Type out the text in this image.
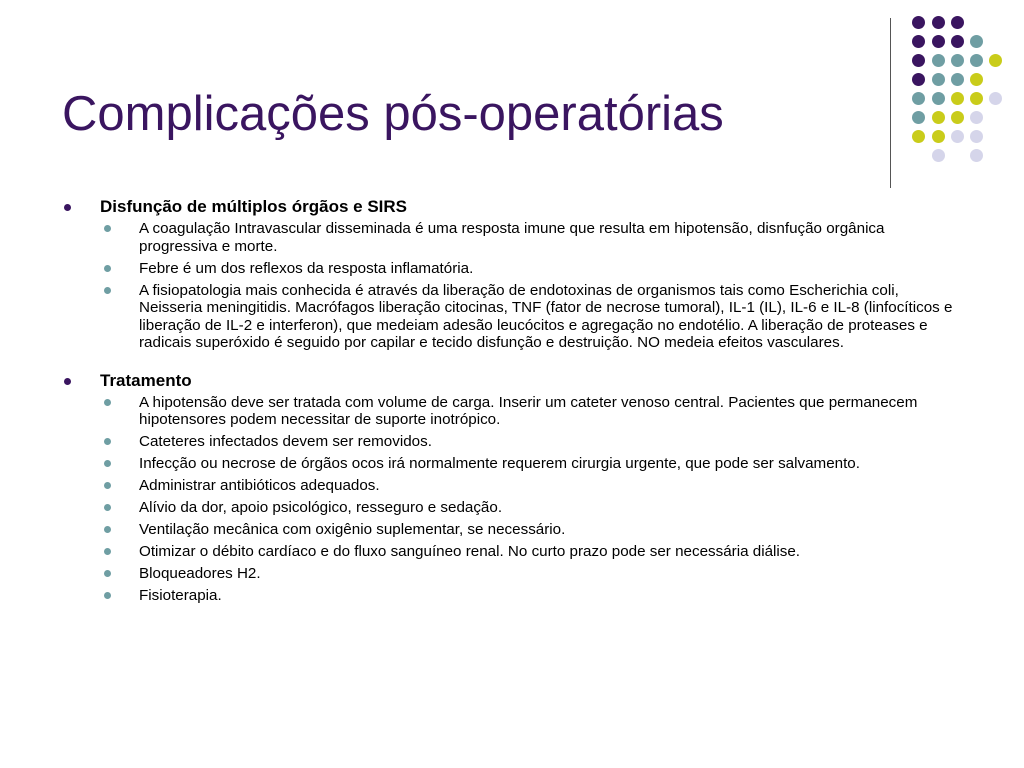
Complicações pós-operatórias
Disfunção de múltiplos órgãos e SIRS
A coagulação Intravascular disseminada é uma resposta imune que resulta em hipotensão, disnfução orgânica progressiva e morte.
Febre é um dos reflexos da resposta inflamatória.
A fisiopatologia mais conhecida é através da liberação de endotoxinas de organismos tais como Escherichia coli, Neisseria meningitidis. Macrófagos liberação citocinas, TNF (fator de necrose tumoral), IL-1 (IL), IL-6 e IL-8 (linfocíticos e liberação de IL-2 e interferon), que medeiam adesão leucócitos e agregação no endotélio. A liberação de proteases e radicais superóxido é seguido por capilar e tecido disfunção e destruição. NO medeia efeitos vasculares.
Tratamento
A hipotensão deve ser tratada com volume de carga. Inserir um cateter venoso central. Pacientes que permanecem hipotensores podem necessitar de suporte inotrópico.
Cateteres infectados devem ser removidos.
Infecção ou necrose de órgãos ocos irá normalmente requerem cirurgia urgente, que pode ser salvamento.
Administrar antibióticos adequados.
Alívio da dor, apoio psicológico, resseguro e sedação.
Ventilação mecânica com oxigênio suplementar, se necessário.
Otimizar o débito cardíaco e do fluxo sanguíneo renal. No curto prazo pode ser necessária diálise.
Bloqueadores H2.
Fisioterapia.
